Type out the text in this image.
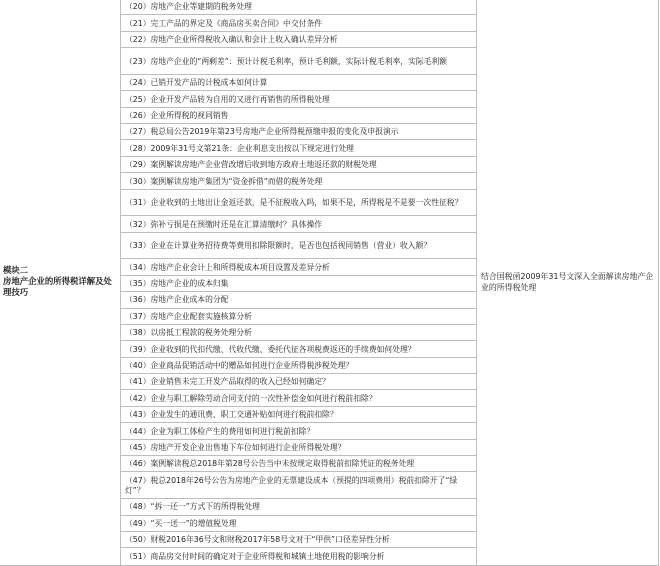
模块二
房地产企业的所得税详解及处理技巧
（20）房地产企业等建期的税务处理
（21）完工产品的界定及《商品房买卖合同》中交付条件
（22）房地产企业所得税收入确认和会计上收入确认差异分析
（23）房地产企业的“两剩差”：预计计税毛利率，预计毛利额，实际计税毛利率，实际毛利额
（24）已销开发产品的计税成本如何计算
（25）企业开发产品转为自用的又进行再销售的所得税处理
（26）企业所得税的视同销售
（27）税总局公告2019年第23号房地产企业所得税预缴申报的变化及申报演示
（28）2009年31号文第21条：企业利息支出按以下规定进行处理
（29）案例解读房地产企业营改增后收到地方政府土地返还款的财税处理
（30）案例解读房地产集团为“资金拆借”而借的税务处理
（31）企业收到的土地出让金返还款，是不征税收入吗，如果不是，所得税是不是要一次性征税？
（32）弥补亏损是在预缴时还是在汇算清缴时？具体操作
（33）企业在计算业务招待费等费用扣除限额时，是否也包括视同销售（营业）收入额？
（34）房地产企业会计上和所得税成本项目设置及差异分析
（35）房地产企业的成本归集
（36）房地产企业成本的分配
（37）房地产企业配套实施核算分析
（38）以房抵工程款的税务处理分析
（39）企业收到的代扣代缴、代收代缴、委托代征各项税费返还的手续费如何处理？
（40）企业商品促销活动中的赠品如何进行企业所得税涉税处理？
（41）企业销售未完工开发产品取得的收入已经如何确定？
（42）企业与职工解除劳动合同支付的一次性补偿金如何进行税前扣除？
（43）企业发生的通讯费、职工交通补贴如何进行税前扣除？
（44）企业为职工体检产生的费用如何进行税前扣除？
（45）房地产开发企业出售地下车位如何进行企业所得税处理？
（46）案例解读税总2018年第28号公告当中未按规定取得税前扣除凭证的税务处理
（47）税总2018年26号公告为房地产企业的无票建设成本（预提的四项费用）税前扣除开了“绿灯”？
（48）“拆一还一”方式下的所得税处理
（49）“买一送一”的增值税处理
（50）财税2016年36号文和财税2017年58号文对于“甲供”口径差异性分析
（51）商品房交付时间的确定对于企业所得税和城镇土地使用税的影响分析
结合国税函2009年31号文深入全面解读房地产企业的所得税处理
